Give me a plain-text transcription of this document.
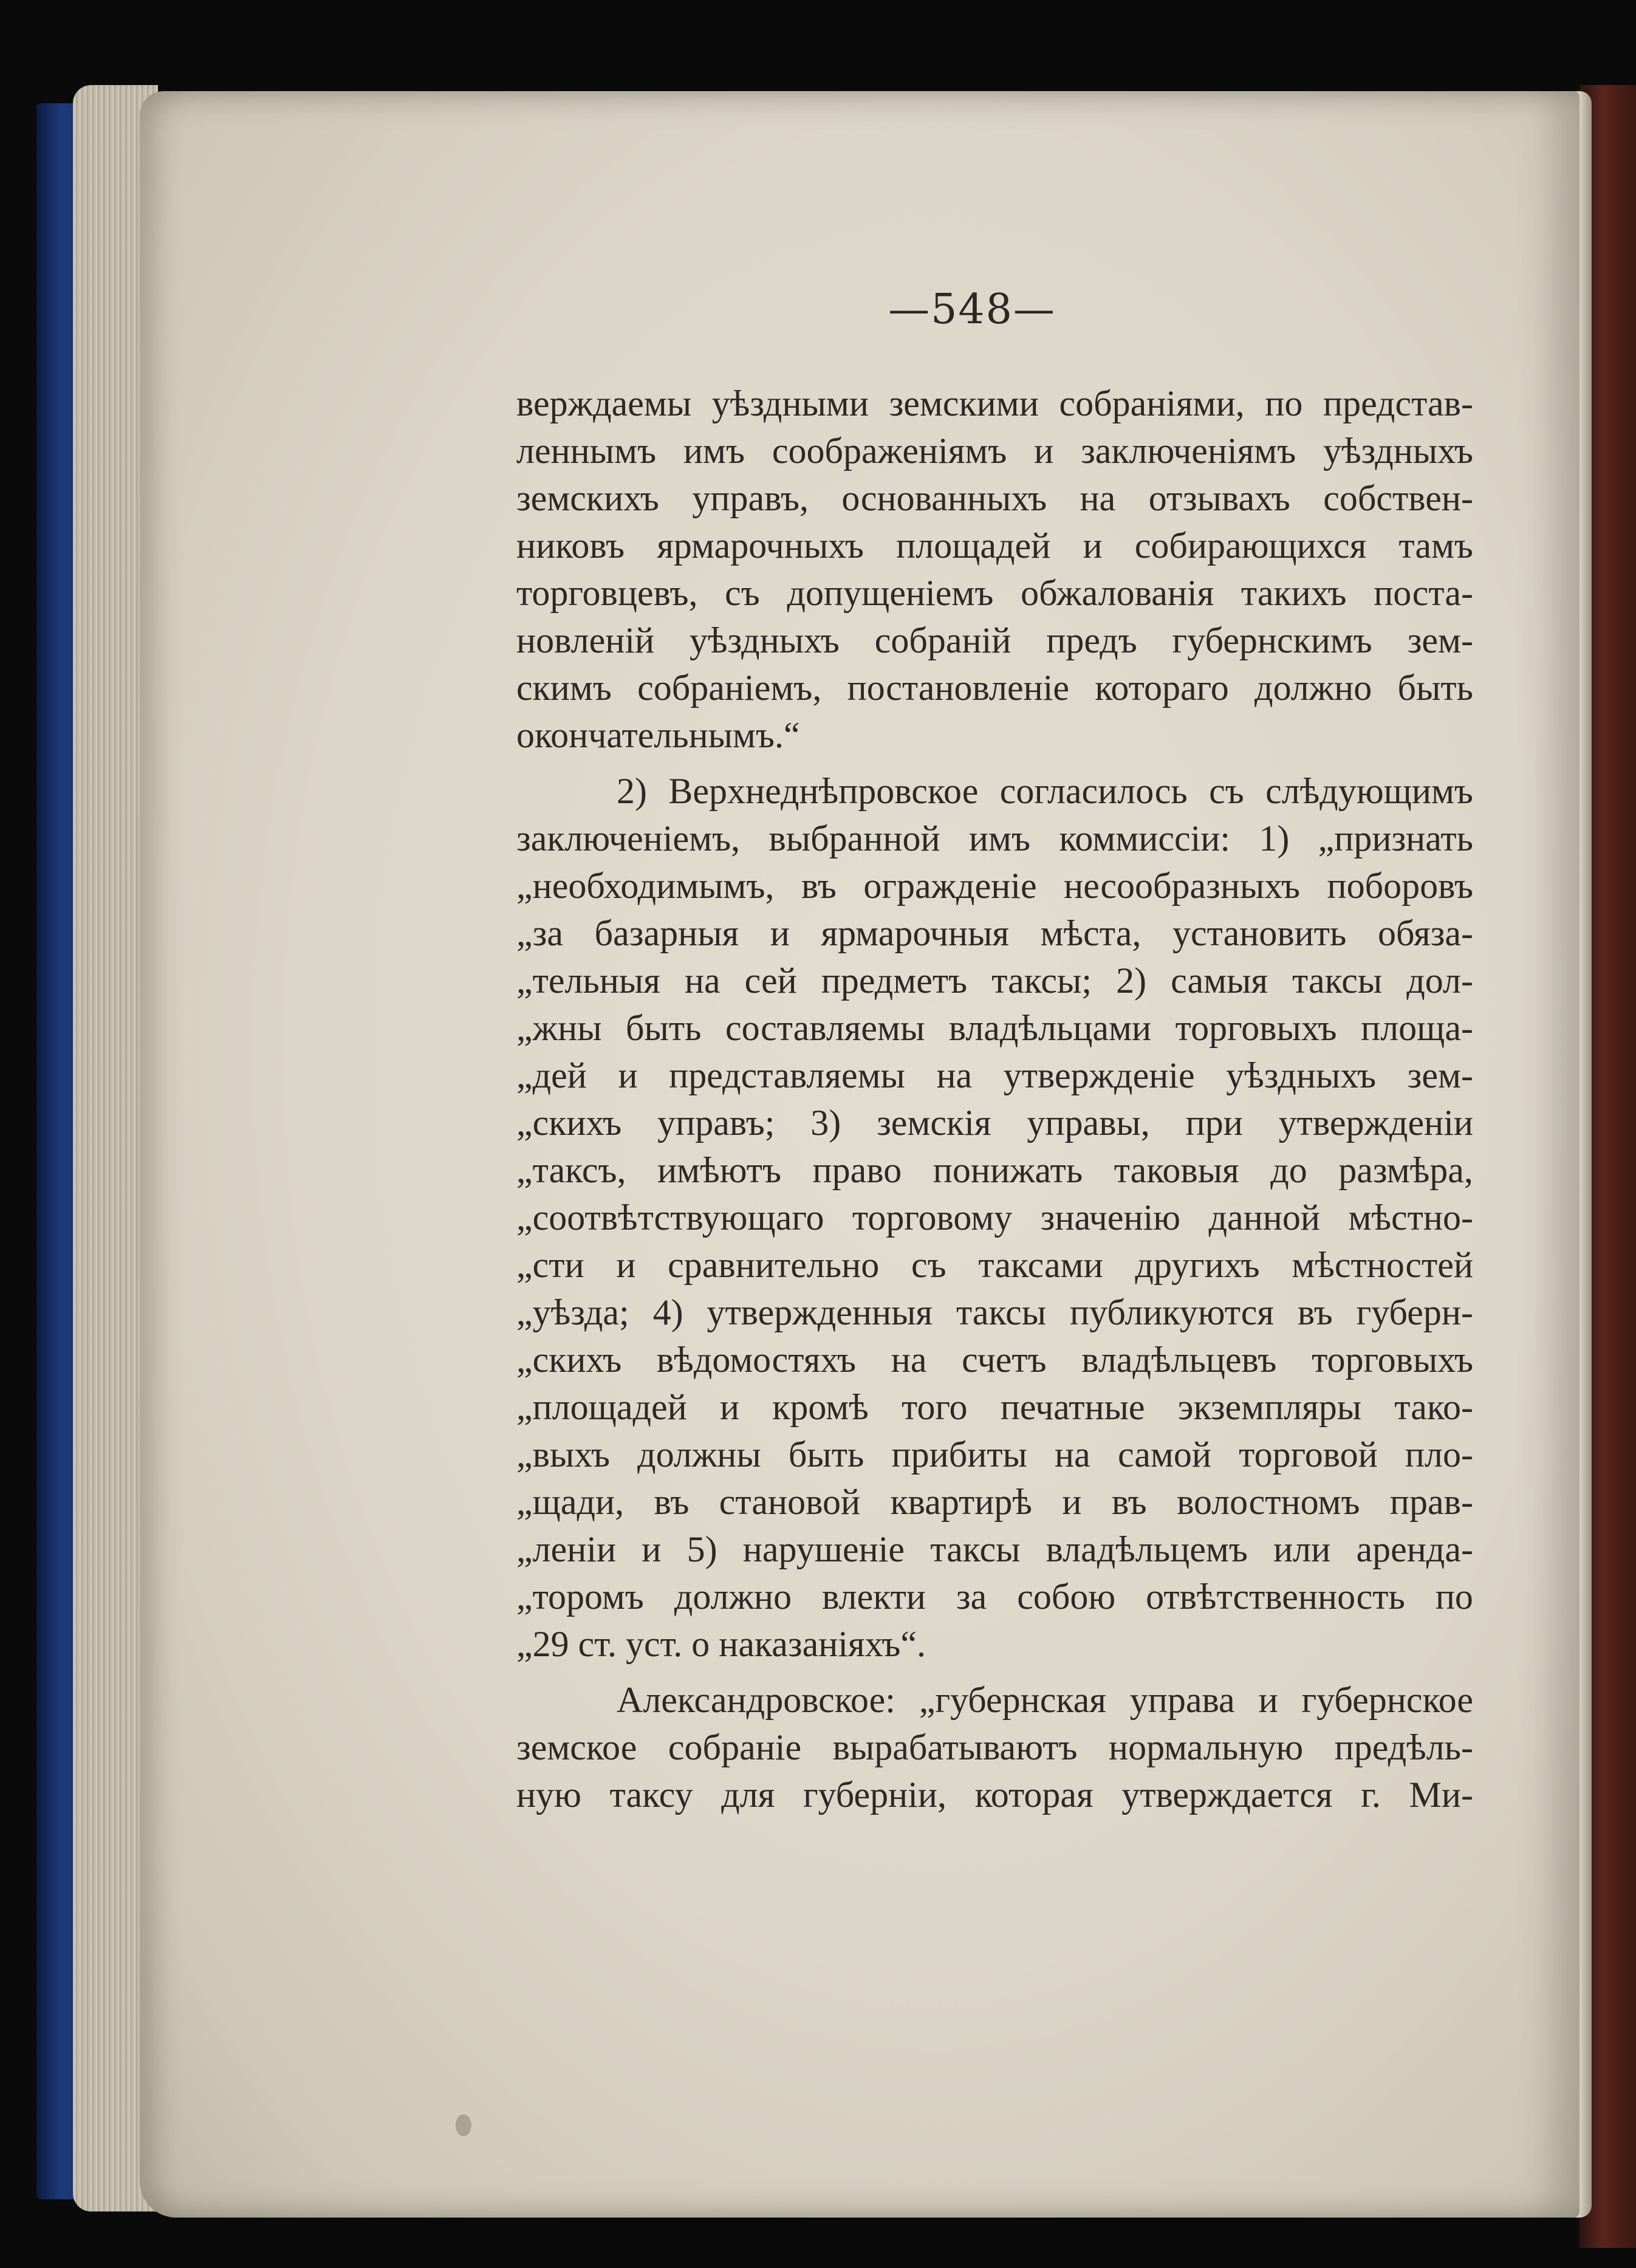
—548—
верждаемы уѣздными земскими собраніями, по представ-
леннымъ имъ соображеніямъ и заключеніямъ уѣздныхъ
земскихъ управъ, основанныхъ на отзывахъ собствен-
никовъ ярмарочныхъ площадей и собирающихся тамъ
торговцевъ, съ допущеніемъ обжалованія такихъ поста-
новленій уѣздныхъ собраній предъ губернскимъ зем-
скимъ собраніемъ, постановленіе котораго должно быть
окончательнымъ.“
2) Верхнеднѣпровское согласилось съ слѣдующимъ
заключеніемъ, выбранной имъ коммиссіи: 1) „признать
„необходимымъ, въ огражденіе несообразныхъ поборовъ
„за базарныя и ярмарочныя мѣста, установить обяза-
„тельныя на сей предметъ таксы; 2) самыя таксы дол-
„жны быть составляемы владѣльцами торговыхъ площа-
„дей и представляемы на утвержденіе уѣздныхъ зем-
„скихъ управъ; 3) земскія управы, при утвержденіи
„таксъ, имѣютъ право понижать таковыя до размѣра,
„соотвѣтствующаго торговому значенію данной мѣстно-
„сти и сравнительно съ таксами другихъ мѣстностей
„уѣзда; 4) утвержденныя таксы публикуются въ губерн-
„скихъ вѣдомостяхъ на счетъ владѣльцевъ торговыхъ
„площадей и кромѣ того печатные экземпляры тако-
„выхъ должны быть прибиты на самой торговой пло-
„щади, въ становой квартирѣ и въ волостномъ прав-
„леніи и 5) нарушеніе таксы владѣльцемъ или аренда-
„торомъ должно влекти за собою отвѣтственность по
„29 ст. уст. о наказаніяхъ“.
Александровское: „губернская управа и губернское
земское собраніе вырабатываютъ нормальную предѣль-
ную таксу для губерніи, которая утверждается г. Ми-
